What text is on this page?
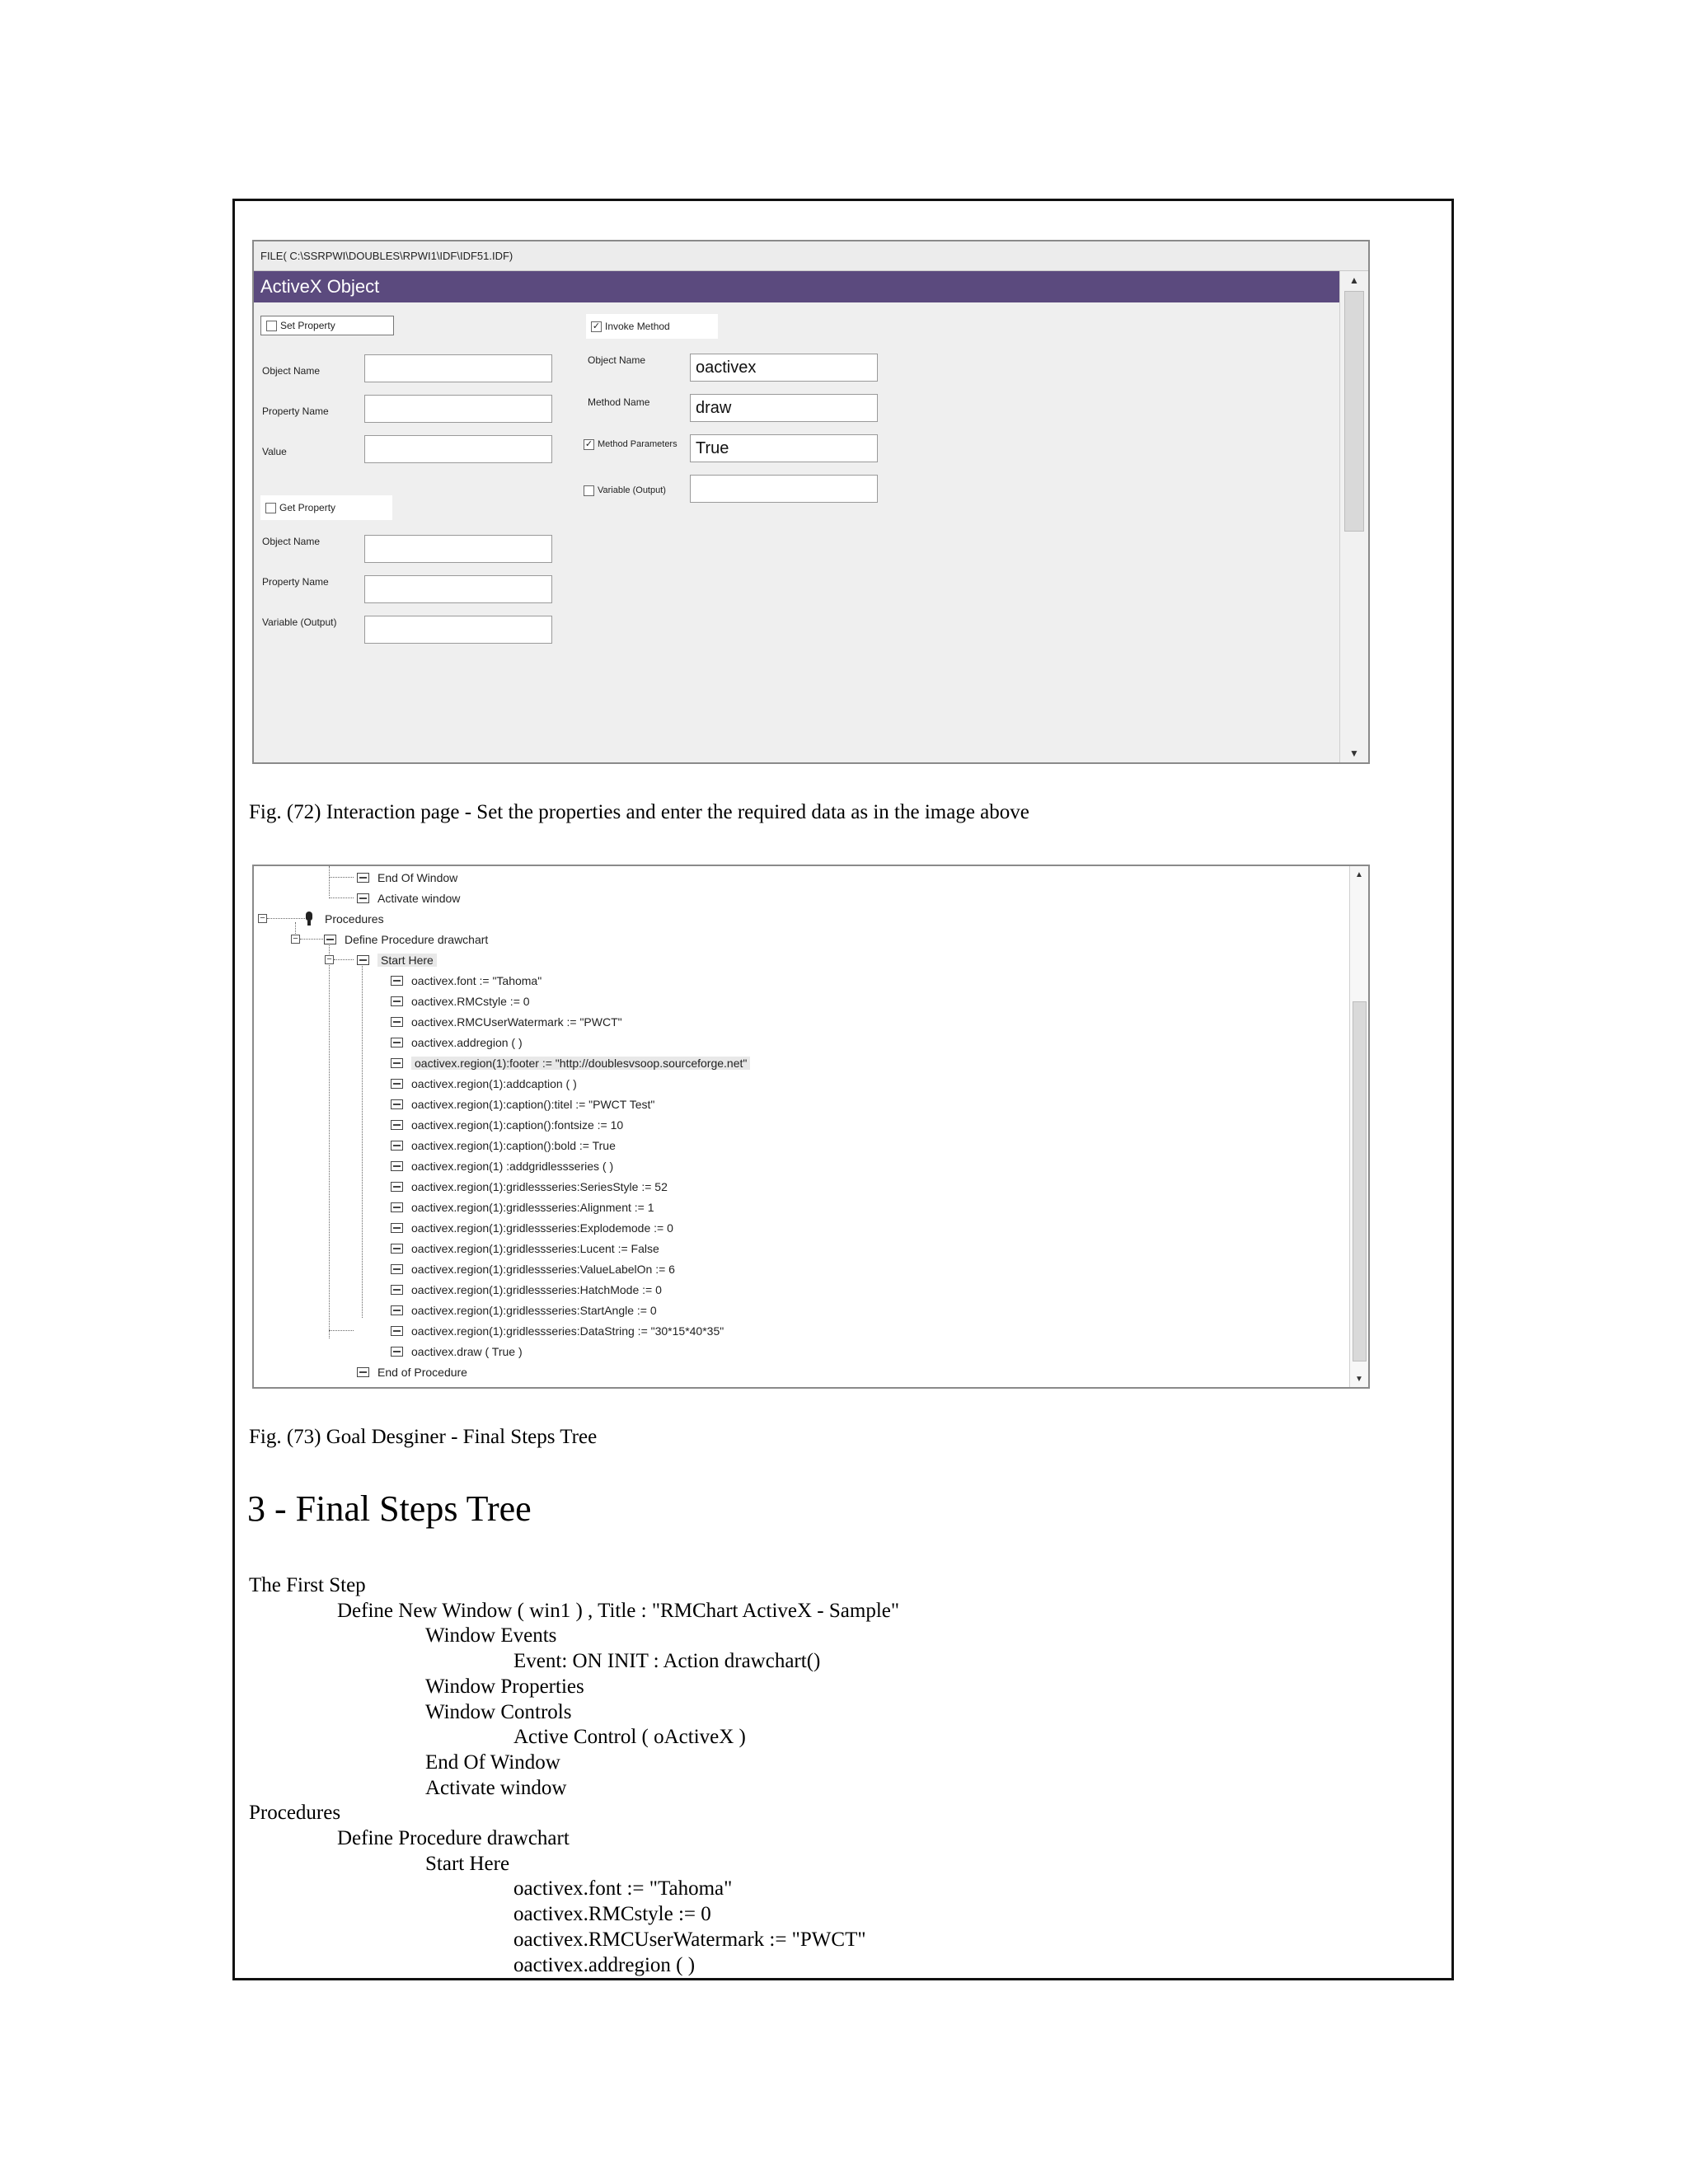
FILE( C:\SSRPWI\DOUBLES\RPWI1\IDF\IDF51.IDF)
ActiveX Object	▲
▼
Set Property
Object Name
Property Name
Value
Get Property
Object Name
Property Name
Variable (Output)
✓ Invoke Method
Object Name	oactivex
Method Name	draw
✓ Method Parameters	True
Variable (Output)
Fig. (72) Interaction page - Set the properties and enter the required data as in the image above
▲
▼
−
−
−
End Of Window
Activate window
Procedures
Define Procedure drawchart
Start Here
oactivex.font := "Tahoma"
oactivex.RMCstyle := 0
oactivex.RMCUserWatermark := "PWCT"
oactivex.addregion ( )
oactivex.region(1):footer := "http://doublesvsoop.sourceforge.net"
oactivex.region(1):addcaption ( )
oactivex.region(1):caption():titel := "PWCT Test"
oactivex.region(1):caption():fontsize := 10
oactivex.region(1):caption():bold := True
oactivex.region(1) :addgridlessseries ( )
oactivex.region(1):gridlessseries:SeriesStyle := 52
oactivex.region(1):gridlessseries:Alignment := 1
oactivex.region(1):gridlessseries:Explodemode := 0
oactivex.region(1):gridlessseries:Lucent := False
oactivex.region(1):gridlessseries:ValueLabelOn := 6
oactivex.region(1):gridlessseries:HatchMode := 0
oactivex.region(1):gridlessseries:StartAngle := 0
oactivex.region(1):gridlessseries:DataString := "30*15*40*35"
oactivex.draw ( True )
End of Procedure
Fig. (73) Goal Desginer - Final Steps Tree
3 - Final Steps Tree
The First Step
Define New Window ( win1 ) , Title : "RMChart ActiveX - Sample"
Window Events
Event: ON INIT : Action drawchart()
Window Properties
Window Controls
Active Control ( oActiveX )
End Of Window
Activate window
Procedures
Define Procedure drawchart
Start Here
oactivex.font := "Tahoma"
oactivex.RMCstyle := 0
oactivex.RMCUserWatermark := "PWCT"
oactivex.addregion ( )
